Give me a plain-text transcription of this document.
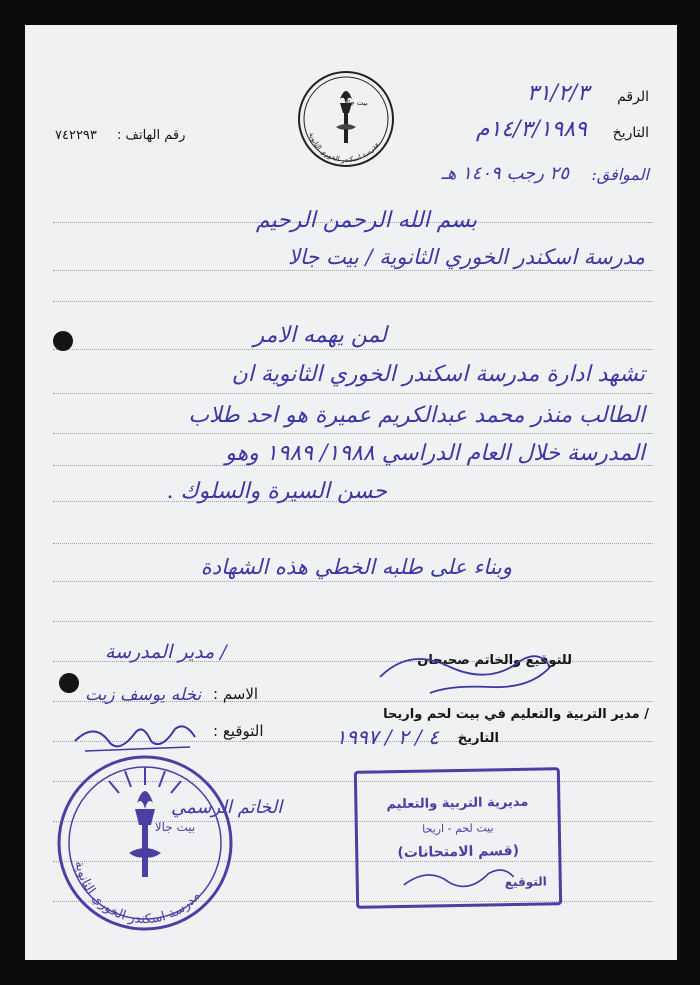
الرقم
٣١/٢/٣
التاريخ
١٤/٣/١٩٨٩م
الموافق:
٢٥ رجب ١٤٠٩ هـ
رقم الهاتف :
٧٤٢٢٩٣
بيت جالا
مدرسة اسكندر الخوري الثانوية
بسم الله الرحمن الرحيم
مدرسة اسكندر الخوري الثانوية / بيت جالا
لمن يهمه الامر
تشهد ادارة مدرسة اسكندر الخوري الثانوية ان
الطالب منذر محمد عبدالكريم عميرة هو احد طلاب
المدرسة خلال العام الدراسي ١٩٨٨/ ١٩٨٩ وهو
حسن السيرة والسلوك .
وبناء على طلبه الخطي هذه الشهادة
/ مدير المدرسة
الاسم :
نخله يوسف زيت
التوقيع :
الخاتم الرسمي
بيت جالا
مدرسة اسكندر الخوري الثانوية
للتوقيع والخاتم صحيحان
/ مدير التربية والتعليم في بيت لحم واريحا
التاريخ
٤ / ٢ / ١٩٩٧
مديرية التربية والتعليم
بيت لحم - اريحا
(قسم الامتحانات)
التوقيع
